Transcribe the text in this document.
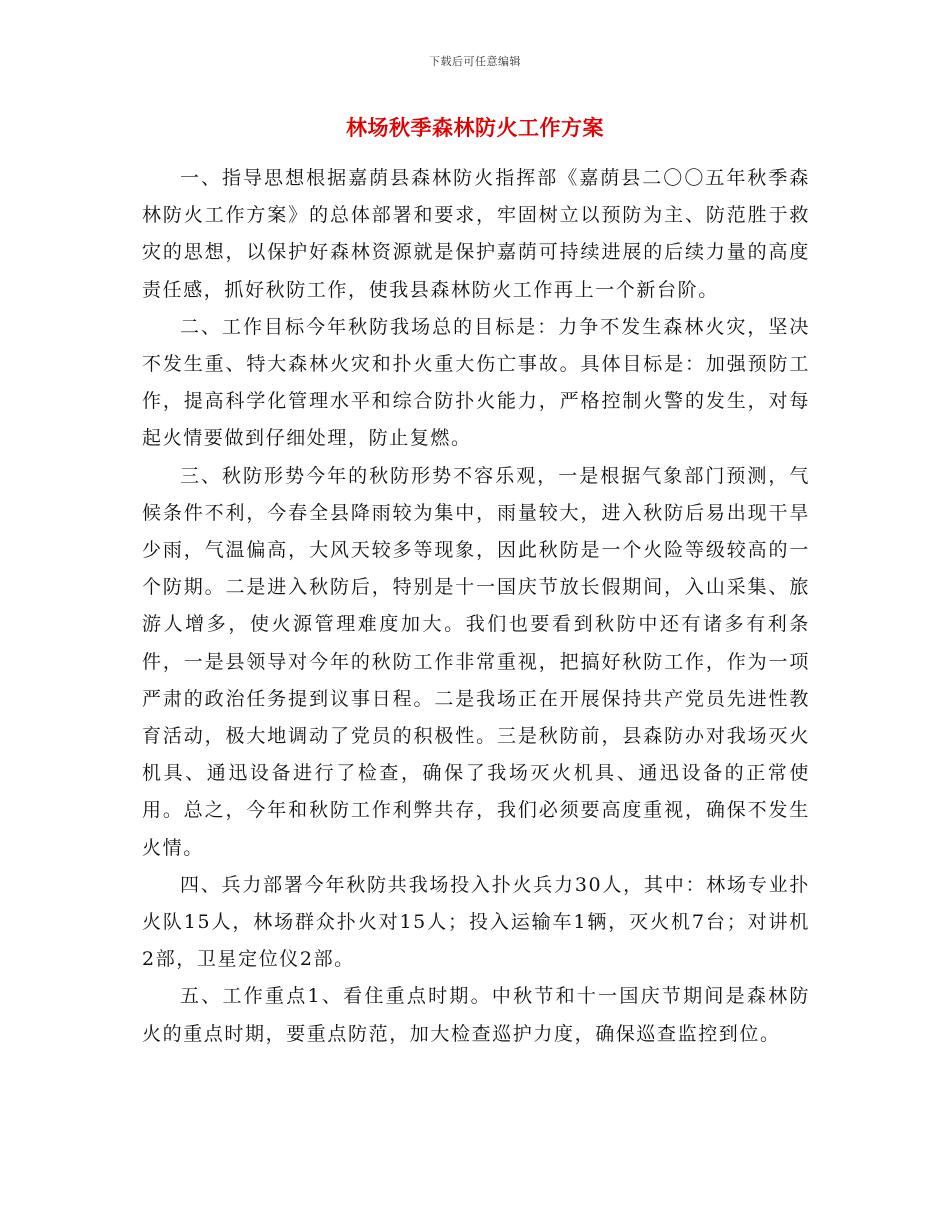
下载后可任意编辑
林场秋季森林防火工作方案

一、指导思想根据嘉荫县森林防火指挥部《嘉荫县二〇〇五年秋季森林防火工作方案》的总体部署和要求，牢固树立以预防为主、防范胜于救灾的思想，以保护好森林资源就是保护嘉荫可持续进展的后续力量的高度责任感，抓好秋防工作，使我县森林防火工作再上一个新台阶。

二、工作目标今年秋防我场总的目标是：力争不发生森林火灾，坚决不发生重、特大森林火灾和扑火重大伤亡事故。具体目标是：加强预防工作，提高科学化管理水平和综合防扑火能力，严格控制火警的发生，对每起火情要做到仔细处理，防止复燃。

三、秋防形势今年的秋防形势不容乐观，一是根据气象部门预测，气候条件不利，今春全县降雨较为集中，雨量较大，进入秋防后易出现干旱少雨，气温偏高，大风天较多等现象，因此秋防是一个火险等级较高的一个防期。二是进入秋防后，特别是十一国庆节放长假期间，入山采集、旅游人增多，使火源管理难度加大。我们也要看到秋防中还有诸多有利条件，一是县领导对今年的秋防工作非常重视，把搞好秋防工作，作为一项严肃的政治任务提到议事日程。二是我场正在开展保持共产党员先进性教育活动，极大地调动了党员的积极性。三是秋防前，县森防办对我场灭火机具、通迅设备进行了检查，确保了我场灭火机具、通迅设备的正常使用。总之，今年和秋防工作利弊共存，我们必须要高度重视，确保不发生火情。

四、兵力部署今年秋防共我场投入扑火兵力30人，其中：林场专业扑火队15人，林场群众扑火对15人；投入运输车1辆，灭火机7台；对讲机2部，卫星定位仪2部。

五、工作重点1、看住重点时期。中秋节和十一国庆节期间是森林防火的重点时期，要重点防范，加大检查巡护力度，确保巡查监控到位。
